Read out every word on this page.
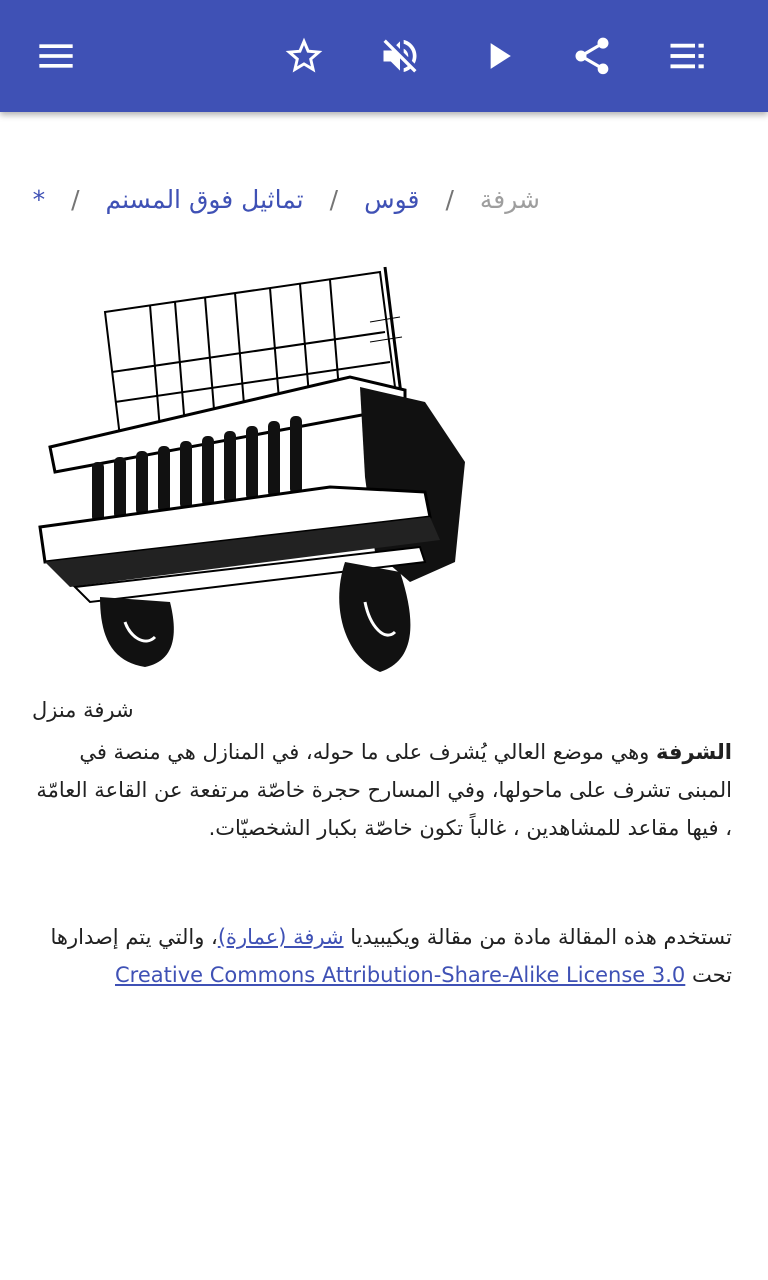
شرفة/قوس/تماثيل فوق المسنم/*
شرفة منزل
الشرفة وهي موضع العالي يُشرف على ما حوله، في المنازل هي منصة في المبنى تشرف على ماحولها، وفي المسارح حجرة خاصّة مرتفعة عن القاعة العامّة ، فيها مقاعد للمشاهدين ، غالباً تكون خاصّة بكبار الشخصيّات.
تستخدم هذه المقالة مادة من مقالة ويكيبيديا شرفة (عمارة)، والتي يتم إصدارها تحت Creative Commons Attribution-Share-Alike License 3.0
